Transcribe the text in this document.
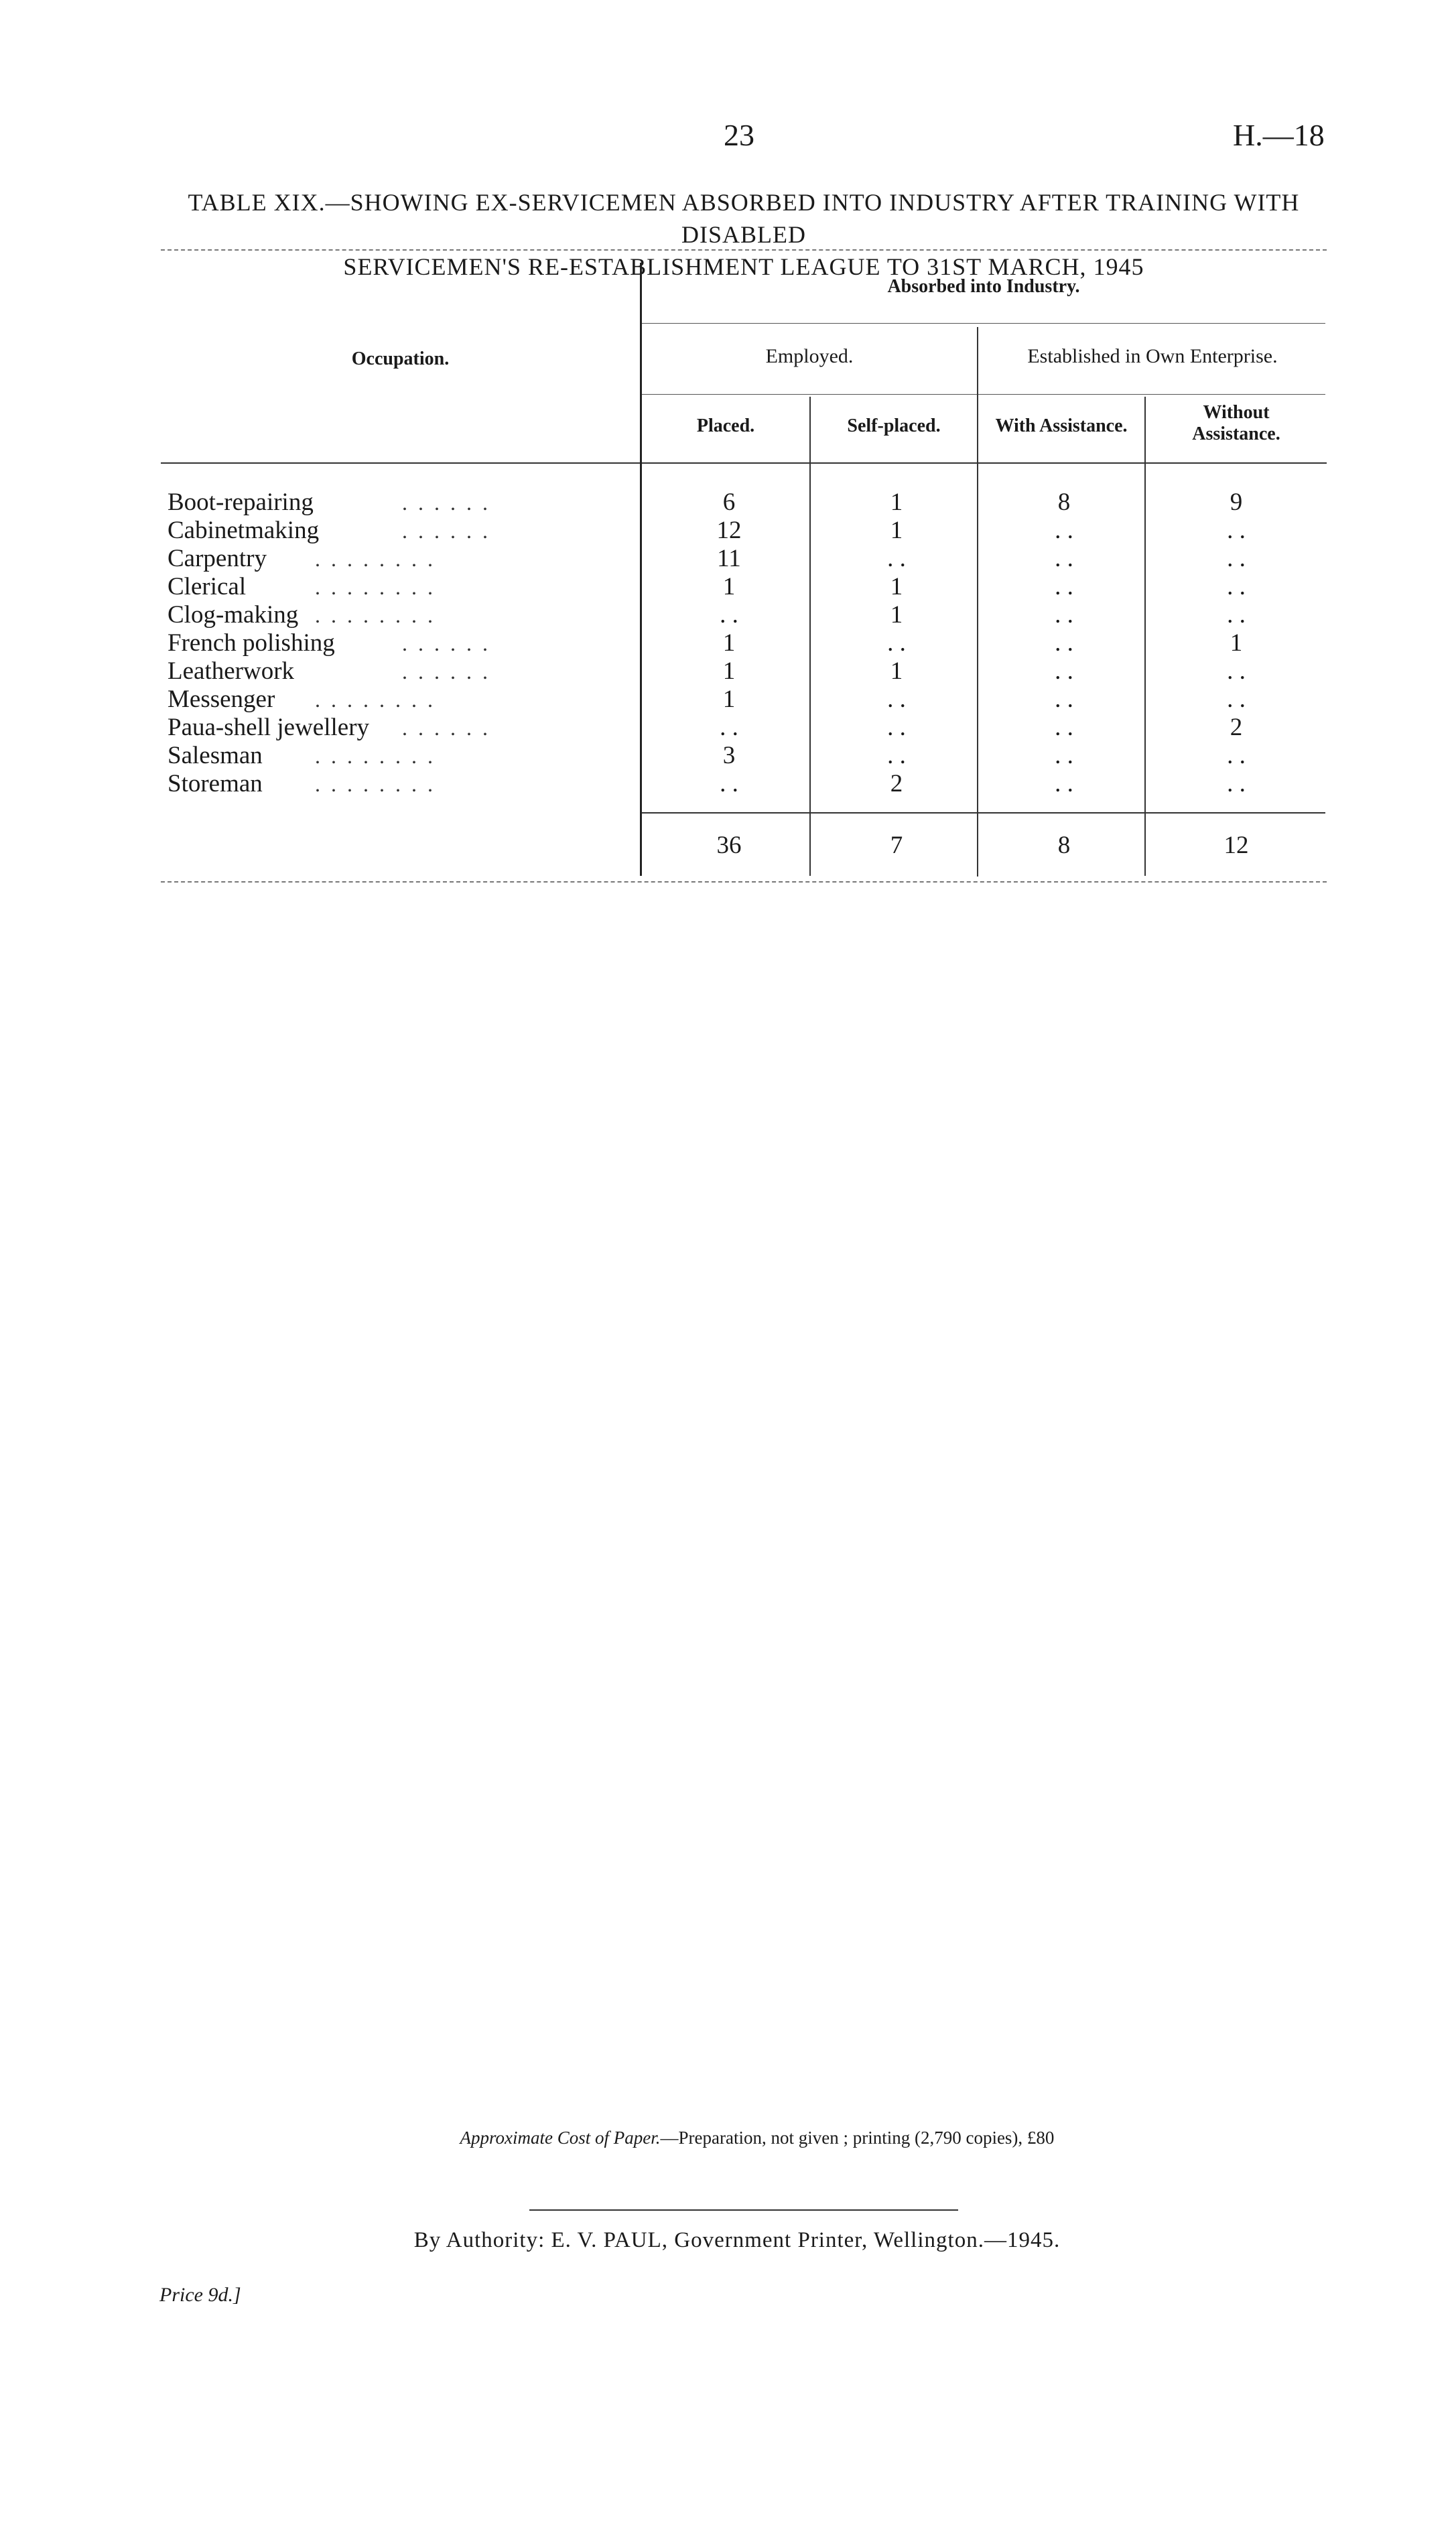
23	H.—18
TABLE XIX.—SHOWING EX-SERVICEMEN ABSORBED INTO INDUSTRY AFTER TRAINING WITH DISABLED
SERVICEMEN'S RE-ESTABLISHMENT LEAGUE TO 31ST MARCH, 1945
Occupation.
Absorbed into Industry.
Employed.	Established in Own Enterprise.
Placed.	Self-placed.	With Assistance.
Without
Assistance.
Boot-repairing	. . . . . .	6	1	8	9
Cabinetmaking	. . . . . .	12	1	. .	. .
Carpentry . . . . . . . .	11	. .	. .	. .
Clerical	. . . . . . . .	1	1	. .	. .
Clog-making . . . . . . . .	. .	1	. .	. .
French polishing	. . . . . .	1	. .	. .	1
Leatherwork	. . . . . .	1	1	. .	. .
Messenger . . . . . . . .	1	. .	. .	. .
Paua-shell jewellery . . . . . .	. .	. .	. .	2
Salesman . . . . . . . .	3	. .	. .	. .
Storeman . . . . . . . .	. .	2	. .	. .
36	7	8	12
Approximate Cost of Paper.—Preparation, not given ; printing (2,790 copies), £80
By Authority: E. V. PAUL, Government Printer, Wellington.—1945.
Price 9d.]
